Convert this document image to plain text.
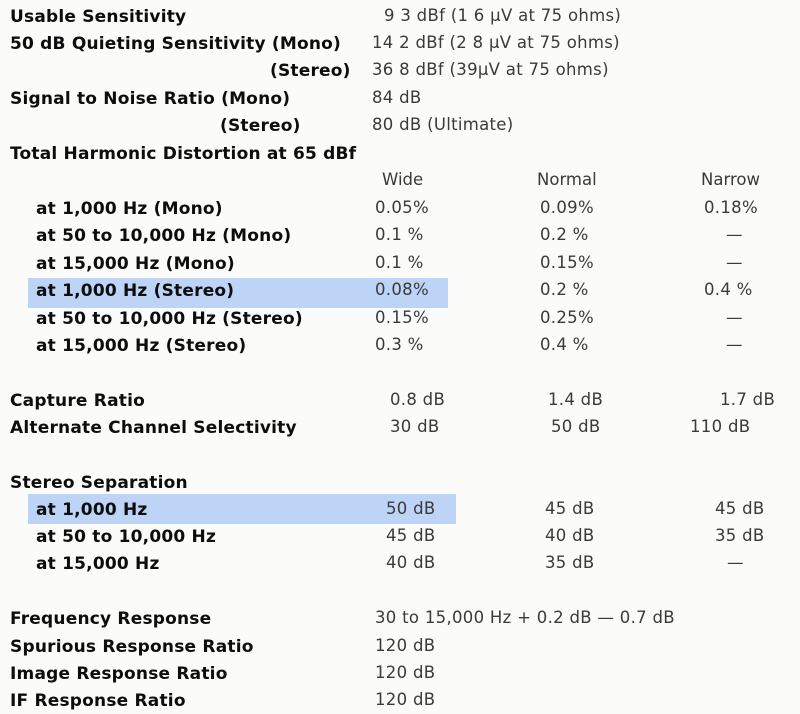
Usable Sensitivity	9 3 dBf (1 6 μV at 75 ohms)
50 dB Quieting Sensitivity (Mono) 14 2 dBf (2 8 μV at 75 ohms)
(Stereo) 36 8 dBf (39μV at 75 ohms)
Signal to Noise Ratio (Mono)	84 dB
(Stereo)	80 dB (Ultimate)
Total Harmonic Distortion at 65 dBf
Wide	Normal	Narrow
at 1,000 Hz (Mono)	0.05%	0.09%	0.18%
at 50 to 10,000 Hz (Mono)	0.1 %	0.2 %	—
at 15,000 Hz (Mono)	0.1 %	0.15%	—
at 1,000 Hz (Stereo)	0.08%	0.2 %	0.4 %
at 50 to 10,000 Hz (Stereo)	0.15%	0.25%	—
at 15,000 Hz (Stereo)	0.3 %	0.4 %	—
Capture Ratio	0.8 dB	1.4 dB	1.7 dB
Alternate Channel Selectivity	30 dB	50 dB	110 dB
Stereo Separation
at 1,000 Hz	50 dB	45 dB	45 dB
at 50 to 10,000 Hz	45 dB	40 dB	35 dB
at 15,000 Hz	40 dB	35 dB	—
Frequency Response	30 to 15,000 Hz + 0.2 dB — 0.7 dB
Spurious Response Ratio	120 dB
Image Response Ratio	120 dB
IF Response Ratio	120 dB
